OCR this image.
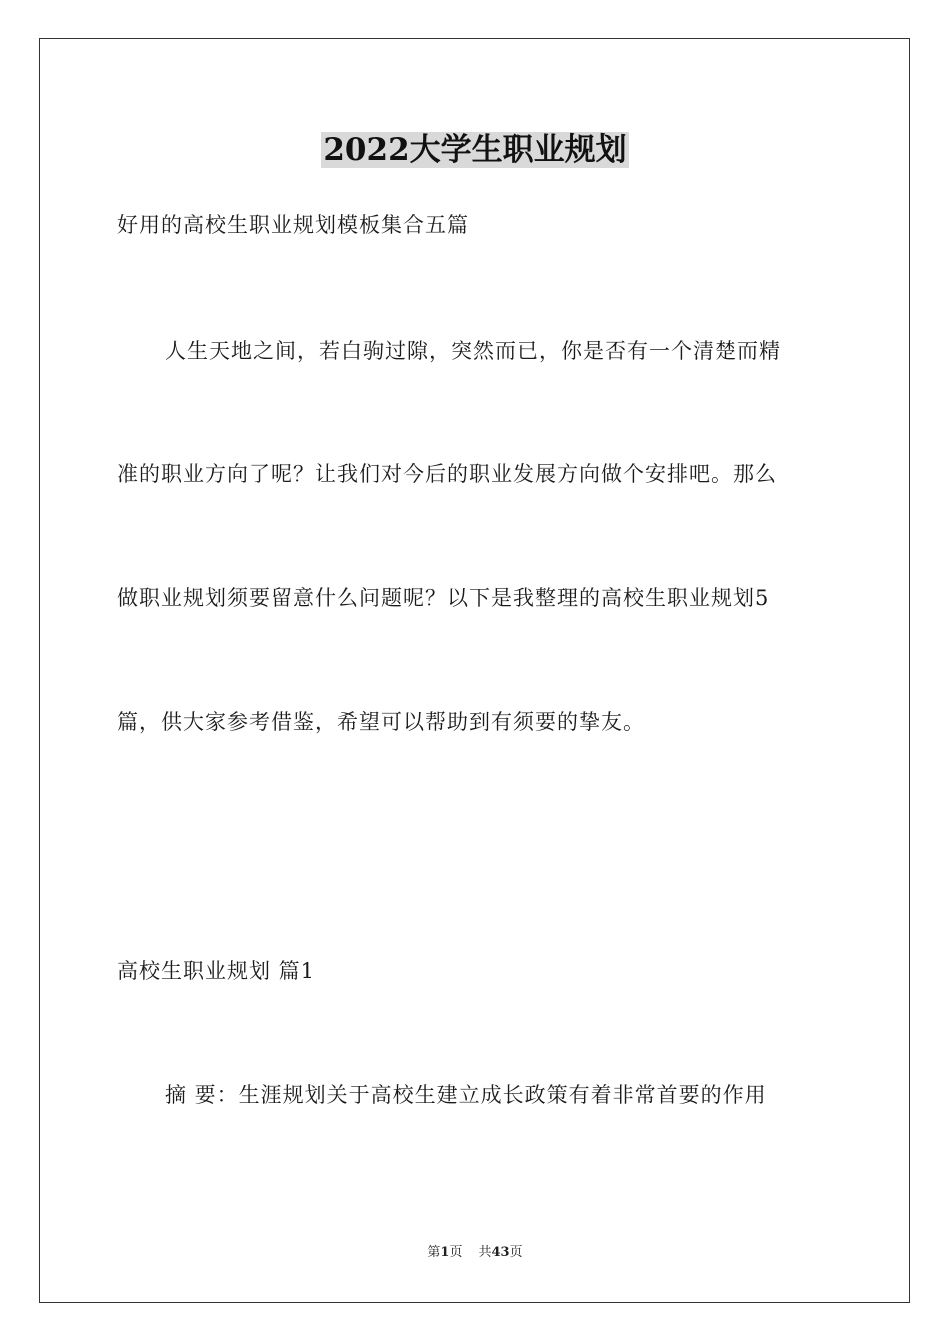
2022大学生职业规划
好用的高校生职业规划模板集合五篇
人生天地之间，若白驹过隙，突然而已，你是否有一个清楚而精
准的职业方向了呢？让我们对今后的职业发展方向做个安排吧。那么
做职业规划须要留意什么问题呢？以下是我整理的高校生职业规划5
篇，供大家参考借鉴，希望可以帮助到有须要的挚友。
高校生职业规划 篇1
摘 要：生涯规划关于高校生建立成长政策有着非常首要的作用
第1页 共43页
